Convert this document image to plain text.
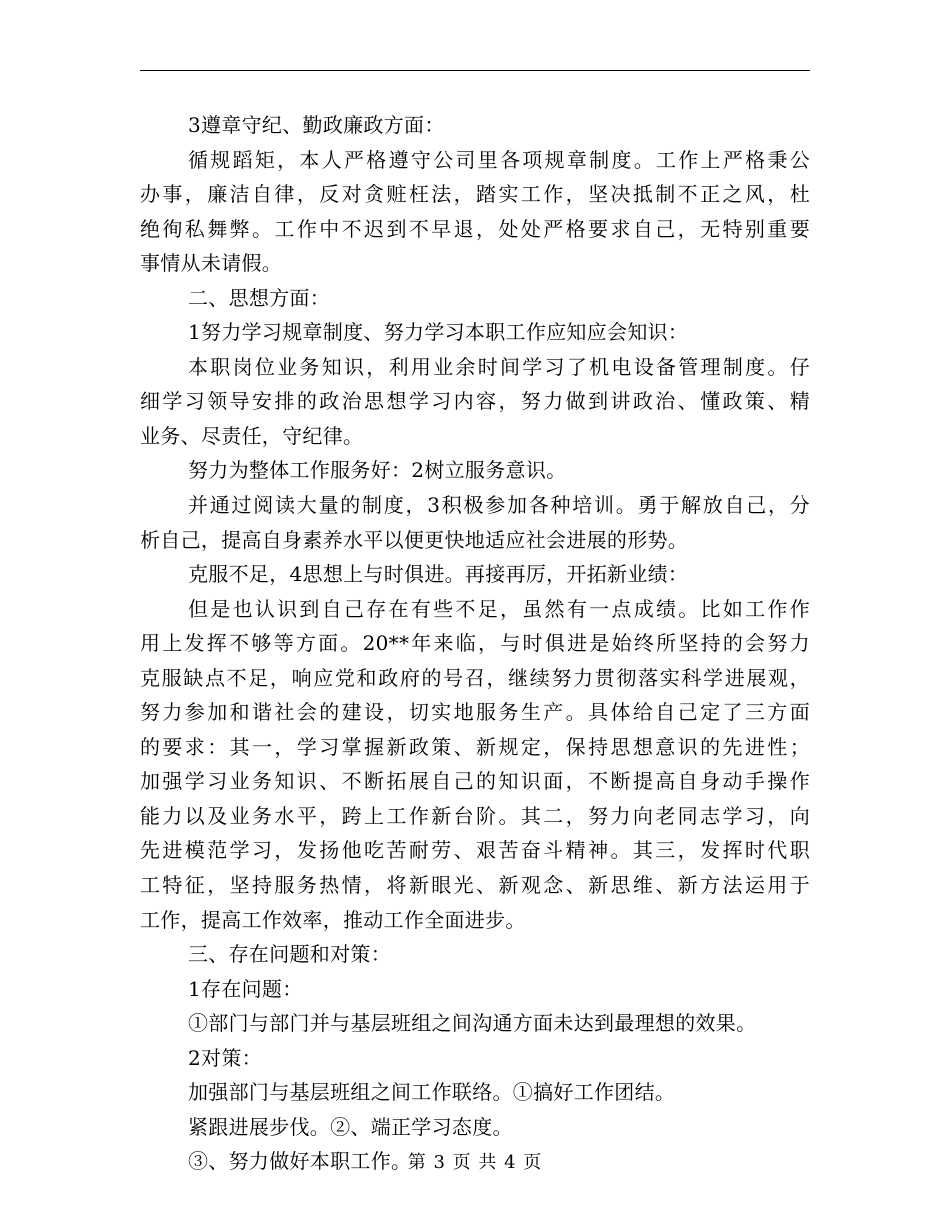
3遵章守纪、勤政廉政方面：
循规蹈矩，本人严格遵守公司里各项规章制度。工作上严格秉公
办事，廉洁自律，反对贪赃枉法，踏实工作，坚决抵制不正之风，杜
绝徇私舞弊。工作中不迟到不早退，处处严格要求自己，无特别重要
事情从未请假。
二、思想方面：
1努力学习规章制度、努力学习本职工作应知应会知识：
本职岗位业务知识，利用业余时间学习了机电设备管理制度。仔
细学习领导安排的政治思想学习内容，努力做到讲政治、懂政策、精
业务、尽责任，守纪律。
努力为整体工作服务好：2树立服务意识。
并通过阅读大量的制度，3积极参加各种培训。勇于解放自己，分
析自己，提高自身素养水平以便更快地适应社会进展的形势。
克服不足，4思想上与时俱进。再接再厉，开拓新业绩：
但是也认识到自己存在有些不足，虽然有一点成绩。比如工作作
用上发挥不够等方面。20**年来临，与时俱进是始终所坚持的会努力
克服缺点不足，响应党和政府的号召，继续努力贯彻落实科学进展观，
努力参加和谐社会的建设，切实地服务生产。具体给自己定了三方面
的要求：其一，学习掌握新政策、新规定，保持思想意识的先进性；
加强学习业务知识、不断拓展自己的知识面，不断提高自身动手操作
能力以及业务水平，跨上工作新台阶。其二，努力向老同志学习，向
先进模范学习，发扬他吃苦耐劳、艰苦奋斗精神。其三，发挥时代职
工特征，坚持服务热情，将新眼光、新观念、新思维、新方法运用于
工作，提高工作效率，推动工作全面进步。
三、存在问题和对策：
1存在问题：
①部门与部门并与基层班组之间沟通方面未达到最理想的效果。
2对策：
加强部门与基层班组之间工作联络。①搞好工作团结。
紧跟进展步伐。②、端正学习态度。
③、努力做好本职工作。
第 3 页 共 4 页
